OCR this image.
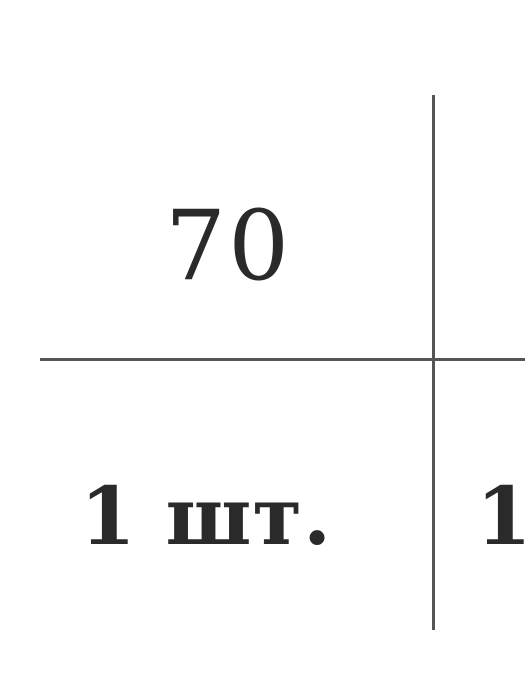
70
1 шт. 1
